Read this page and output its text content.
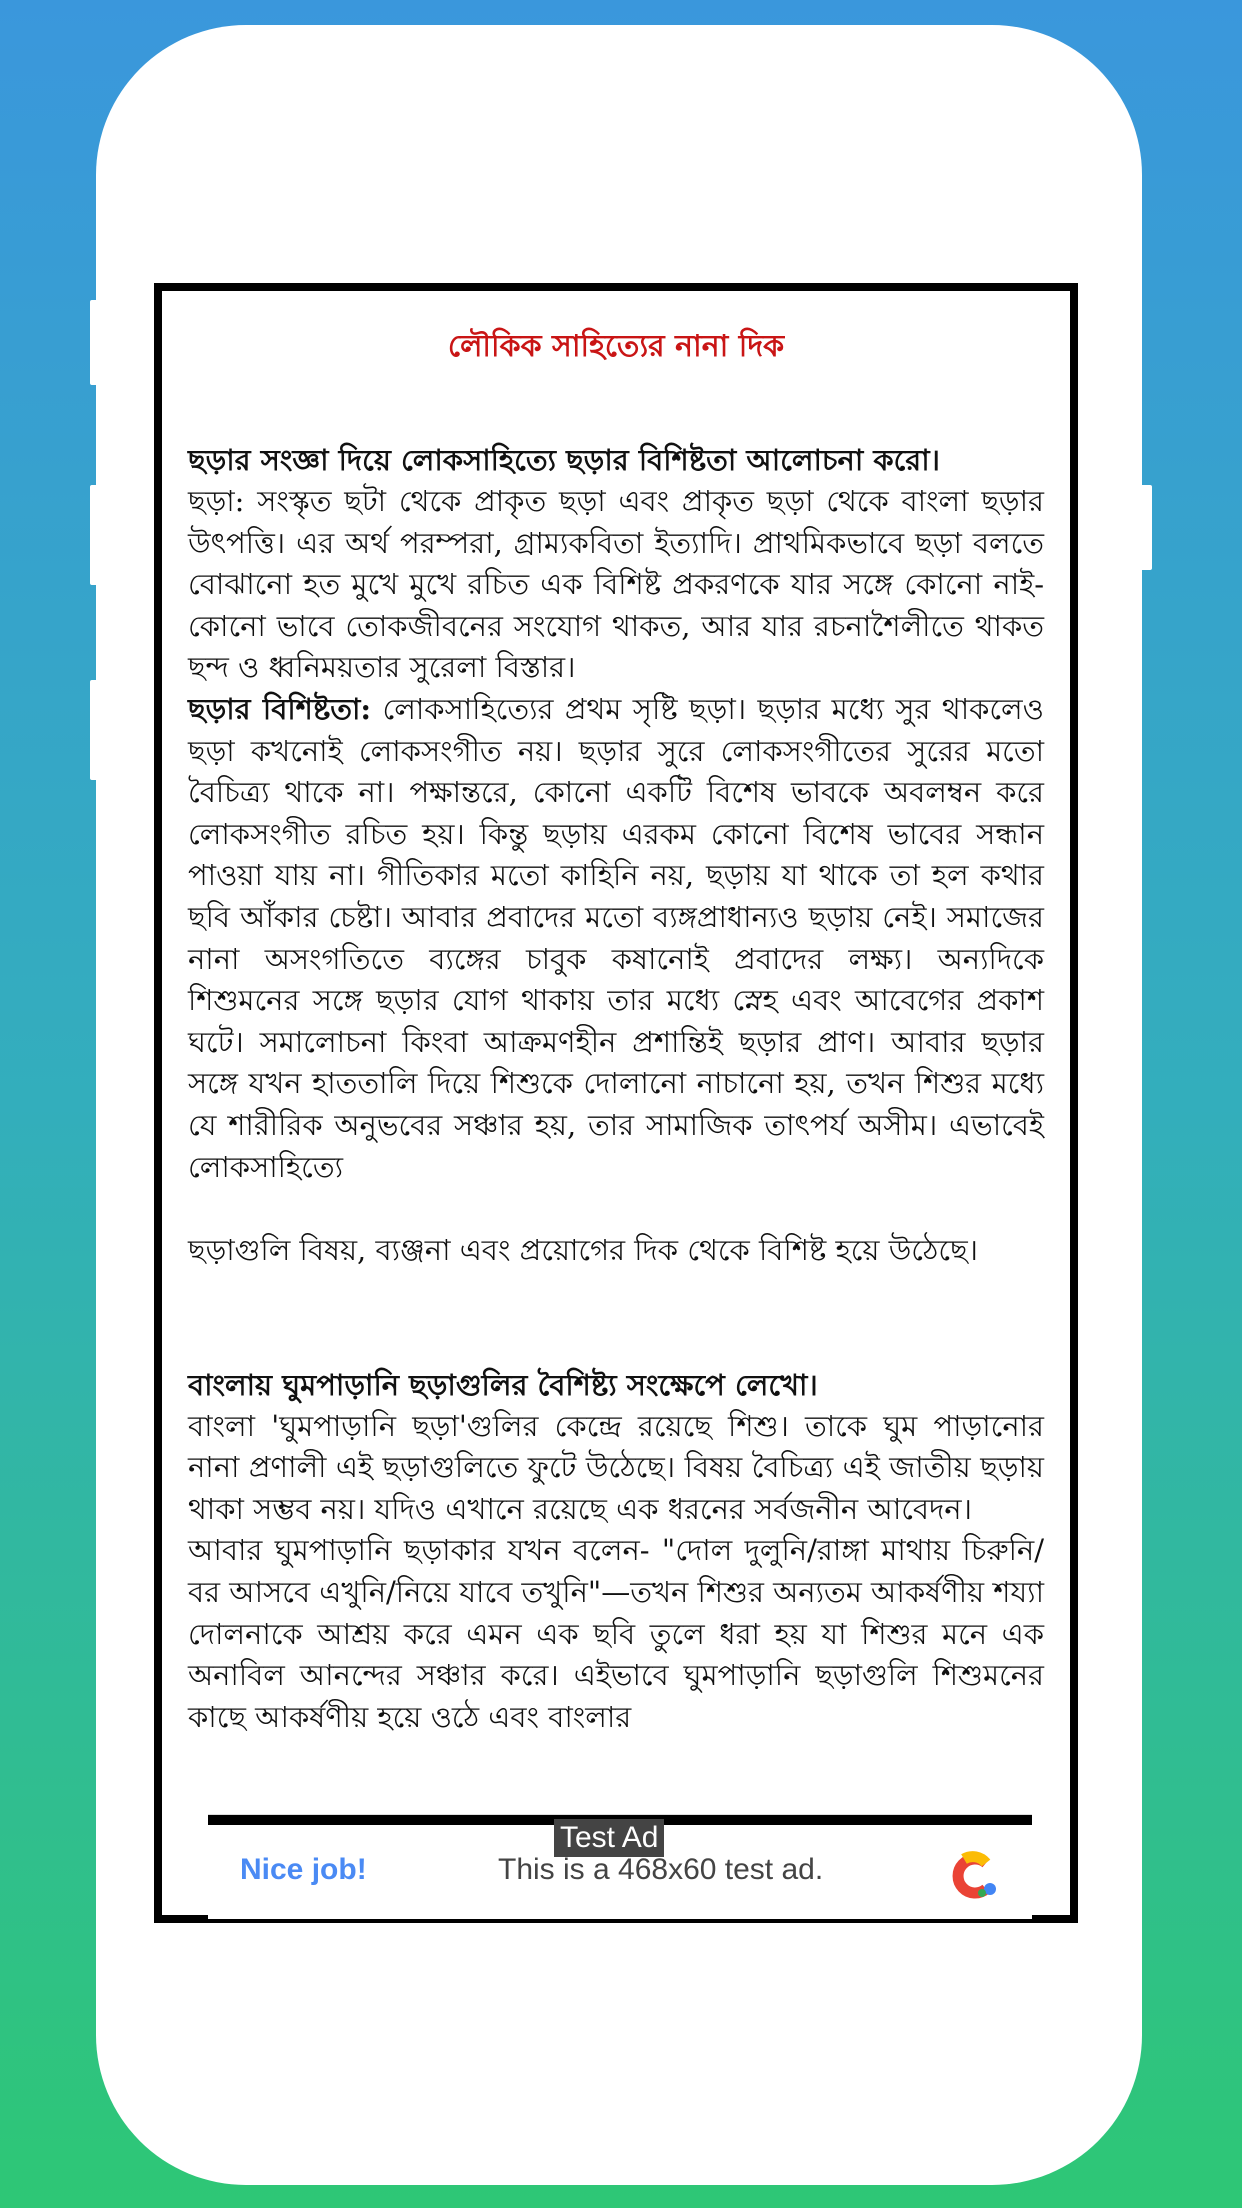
লৌকিক সাহিত্যের নানা দিক

ছড়ার সংজ্ঞা দিয়ে লোকসাহিত্যে ছড়ার বিশিষ্টতা আলোচনা করো।

ছড়া: সংস্কৃত ছটা থেকে প্রাকৃত ছড়া এবং প্রাকৃত ছড়া থেকে বাংলা ছড়ার উৎপত্তি। এর অর্থ পরম্পরা, গ্রাম্যকবিতা ইত্যাদি। প্রাথমিকভাবে ছড়া বলতে বোঝানো হত মুখে মুখে রচিত এক বিশিষ্ট প্রকরণকে যার সঙ্গে কোনো নাই- কোনো ভাবে তোকজীবনের সংযোগ থাকত, আর যার রচনাশৈলীতে থাকত ছন্দ ও ধ্বনিময়তার সুরেলা বিস্তার।

ছড়ার বিশিষ্টতা: লোকসাহিত্যের প্রথম সৃষ্টি ছড়া। ছড়ার মধ্যে সুর থাকলেও ছড়া কখনোই লোকসংগীত নয়। ছড়ার সুরে লোকসংগীতের সুরের মতো বৈচিত্র্য থাকে না। পক্ষান্তরে, কোনো একটি বিশেষ ভাবকে অবলম্বন করে লোকসংগীত রচিত হয়। কিন্তু ছড়ায় এরকম কোনো বিশেষ ভাবের সন্ধান পাওয়া যায় না। গীতিকার মতো কাহিনি নয়, ছড়ায় যা থাকে তা হল কথার ছবি আঁকার চেষ্টা। আবার প্রবাদের মতো ব্যঙ্গপ্রাধান্যও ছড়ায় নেই। সমাজের নানা অসংগতিতে ব্যঙ্গের চাবুক কষানোই প্রবাদের লক্ষ্য। অন্যদিকে শিশুমনের সঙ্গে ছড়ার যোগ থাকায় তার মধ্যে স্নেহ এবং আবেগের প্রকাশ ঘটে। সমালোচনা কিংবা আক্রমণহীন প্রশান্তিই ছড়ার প্রাণ। আবার ছড়ার সঙ্গে যখন হাততালি দিয়ে শিশুকে দোলানো নাচানো হয়, তখন শিশুর মধ্যে যে শারীরিক অনুভবের সঞ্চার হয়, তার সামাজিক তাৎপর্য অসীম। এভাবেই লোকসাহিত্যে

ছড়াগুলি বিষয়, ব্যঞ্জনা এবং প্রয়োগের দিক থেকে বিশিষ্ট হয়ে উঠেছে।

বাংলায় ঘুমপাড়ানি ছড়াগুলির বৈশিষ্ট্য সংক্ষেপে লেখো।

বাংলা 'ঘুমপাড়ানি ছড়া'গুলির কেন্দ্রে রয়েছে শিশু। তাকে ঘুম পাড়ানোর নানা প্রণালী এই ছড়াগুলিতে ফুটে উঠেছে। বিষয় বৈচিত্র্য এই জাতীয় ছড়ায় থাকা সম্ভব নয়। যদিও এখানে রয়েছে এক ধরনের সর্বজনীন আবেদন।

আবার ঘুমপাড়ানি ছড়াকার যখন বলেন- "দোল দুলুনি/রাঙ্গা মাথায় চিরুনি/বর আসবে এখুনি/নিয়ে যাবে তখুনি"—তখন শিশুর অন্যতম আকর্ষণীয় শয্যা দোলনাকে আশ্রয় করে এমন এক ছবি তুলে ধরা হয় যা শিশুর মনে এক অনাবিল আনন্দের সঞ্চার করে। এইভাবে ঘুমপাড়ানি ছড়াগুলি শিশুমনের কাছে আকর্ষণীয় হয়ে ওঠে এবং বাংলার

Test Ad
Nice job!	This is a 468x60 test ad.
